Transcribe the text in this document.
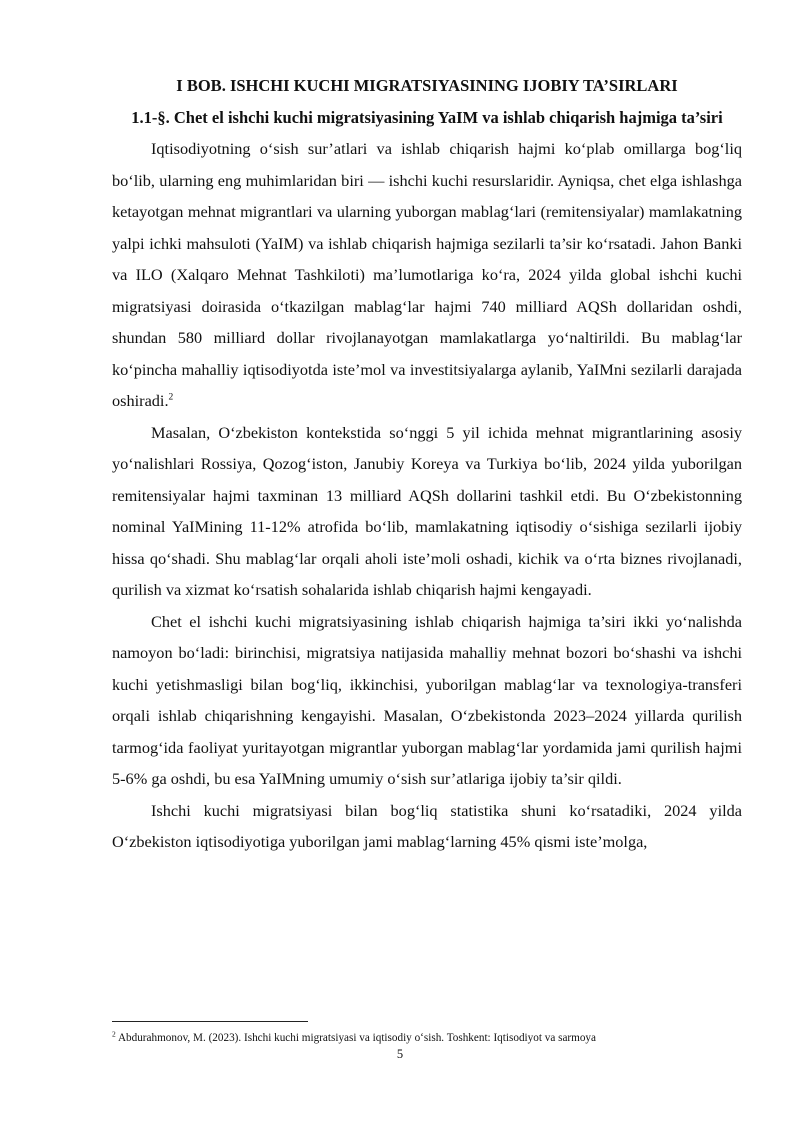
I BOB. ISHCHI KUCHI MIGRATSIYASINING IJOBIY TA’SIRLARI
1.1-§. Chet el ishchi kuchi migratsiyasining YaIM va ishlab chiqarish hajmiga ta’siri

Iqtisodiyotning o‘sish sur’atlari va ishlab chiqarish hajmi ko‘plab omillarga bog‘liq bo‘lib, ularning eng muhimlaridan biri — ishchi kuchi resurslaridir. Ayniqsa, chet elga ishlashga ketayotgan mehnat migrantlari va ularning yuborgan mablag‘lari (remitensiyalar) mamlakatning yalpi ichki mahsuloti (YaIM) va ishlab chiqarish hajmiga sezilarli ta’sir ko‘rsatadi. Jahon Banki va ILO (Xalqaro Mehnat Tashkiloti) ma’lumotlariga ko‘ra, 2024 yilda global ishchi kuchi migratsiyasi doirasida o‘tkazilgan mablag‘lar hajmi 740 milliard AQSh dollaridan oshdi, shundan 580 milliard dollar rivojlanayotgan mamlakatlarga yo‘naltirildi. Bu mablag‘lar ko‘pincha mahalliy iqtisodiyotda iste’mol va investitsiyalarga aylanib, YaIMni sezilarli darajada oshiradi.$^2$

Masalan, O‘zbekiston kontekstida so‘nggi 5 yil ichida mehnat migrantlarining asosiy yo‘nalishlari Rossiya, Qozog‘iston, Janubiy Koreya va Turkiya bo‘lib, 2024 yilda yuborilgan remitensiyalar hajmi taxminan 13 milliard AQSh dollarini tashkil etdi. Bu O‘zbekistonning nominal YaIMining 11-12% atrofida bo‘lib, mamlakatning iqtisodiy o‘sishiga sezilarli ijobiy hissa qo‘shadi. Shu mablag‘lar orqali aholi iste’moli oshadi, kichik va o‘rta biznes rivojlanadi, qurilish va xizmat ko‘rsatish sohalarida ishlab chiqarish hajmi kengayadi.

Chet el ishchi kuchi migratsiyasining ishlab chiqarish hajmiga ta’siri ikki yo‘nalishda namoyon bo‘ladi: birinchisi, migratsiya natijasida mahalliy mehnat bozori bo‘shashi va ishchi kuchi yetishmasligi bilan bog‘liq, ikkinchisi, yuborilgan mablag‘lar va texnologiya-transferi orqali ishlab chiqarishning kengayishi. Masalan, O‘zbekistonda 2023–2024 yillarda qurilish tarmog‘ida faoliyat yuritayotgan migrantlar yuborgan mablag‘lar yordamida jami qurilish hajmi 5-6% ga oshdi, bu esa YaIMning umumiy o‘sish sur’atlariga ijobiy ta’sir qildi.

Ishchi kuchi migratsiyasi bilan bog‘liq statistika shuni ko‘rsatadiki, 2024 yilda O‘zbekiston iqtisodiyotiga yuborilgan jami mablag‘larning 45% qismi iste’molga,

$^2$ Abdurahmonov, M. (2023). Ishchi kuchi migratsiyasi va iqtisodiy o‘sish. Toshkent: Iqtisodiyot va sarmoya
5
